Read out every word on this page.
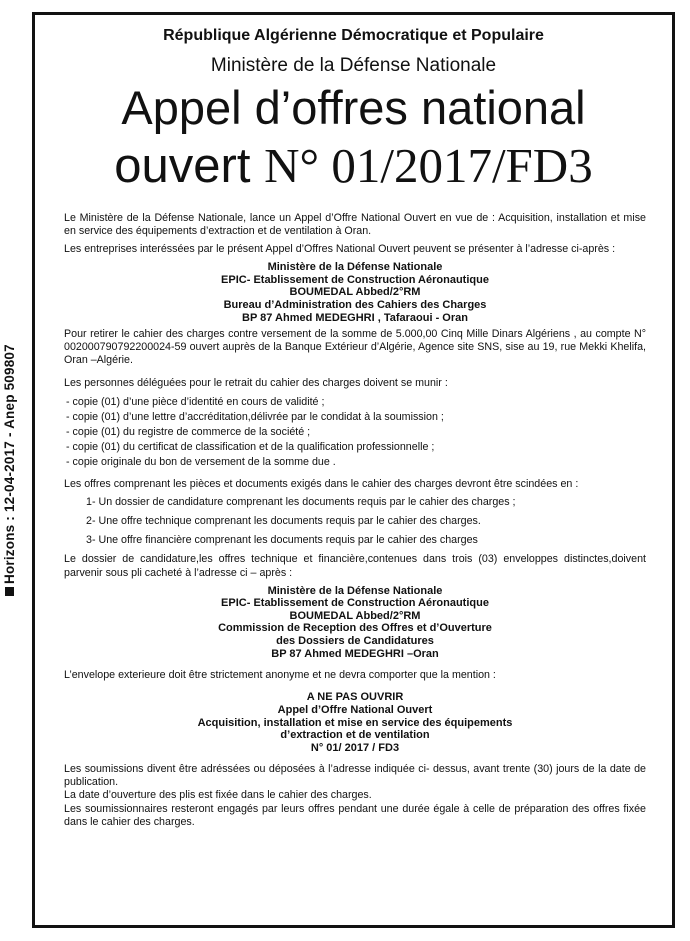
Horizons : 12-04-2017 - Anep 509807
République Algérienne Démocratique et Populaire
Ministère de la Défense Nationale
Appel d’offres national
ouvert N° 01/2017/FD3

Le Ministère de la Défense Nationale, lance un Appel d’Offre National Ouvert en vue de : Acquisition, installation et mise en service des équipements d’extraction et de ventilation à Oran.

Les entreprises interéssées par le présent Appel d’Offres National Ouvert peuvent se présenter à l’adresse ci-après :

Ministère de la Défense Nationale
EPIC- Etablissement de Construction Aéronautique
BOUMEDAL Abbed/2°RM
Bureau d’Administration des Cahiers des Charges
BP 87 Ahmed MEDEGHRI , Tafaraoui - Oran

Pour retirer le cahier des charges contre versement de la somme de 5.000,00 Cinq Mille Dinars Algériens , au compte N° 002000790792200024-59 ouvert auprès de la Banque Extérieur d’Algérie, Agence site SNS, sise au 19, rue Mekki Khelifa, Oran –Algérie.

Les personnes déléguées pour le retrait du cahier des charges doivent se munir :

- copie (01) d’une pièce d’identité en cours de validité ;
- copie (01) d’une lettre d’accréditation,délivrée par le condidat à la soumission ;
- copie (01) du registre de commerce de la société ;
- copie (01) du certificat de classification et de la qualification professionnelle ;
- copie originale du bon de versement de la somme due .

Les offres comprenant les pièces et documents exigés dans le cahier des charges devront être scindées en :

1- Un dossier de candidature comprenant les documents requis par le cahier des charges ;
2- Une offre technique comprenant les documents requis par le cahier des charges.
3- Une offre financière comprenant les documents requis par le cahier des charges

Le dossier de candidature,les offres technique et financière,contenues dans trois (03) enveloppes distinctes,doivent parvenir sous pli cacheté à l’adresse ci – après :

Ministère de la Défense Nationale
EPIC- Etablissement de Construction Aéronautique
BOUMEDAL Abbed/2°RM
Commission de Reception des Offres et d’Ouverture
des Dossiers de Candidatures
BP 87 Ahmed MEDEGHRI –Oran

L’envelope exterieure doit être strictement anonyme et ne devra comporter que la mention :

A NE PAS OUVRIR
Appel d’Offre National Ouvert
Acquisition, installation et mise en service des équipements
d’extraction et de ventilation
N° 01/ 2017 / FD3

Les soumissions divent être adréssées ou déposées à l’adresse indiquée ci- dessus, avant trente (30) jours de la date de publication.

La date d’ouverture des plis est fixée dans le cahier des charges.

Les soumissionnaires resteront engagés par leurs offres pendant une durée égale à celle de préparation des offres fixée dans le cahier des charges.
